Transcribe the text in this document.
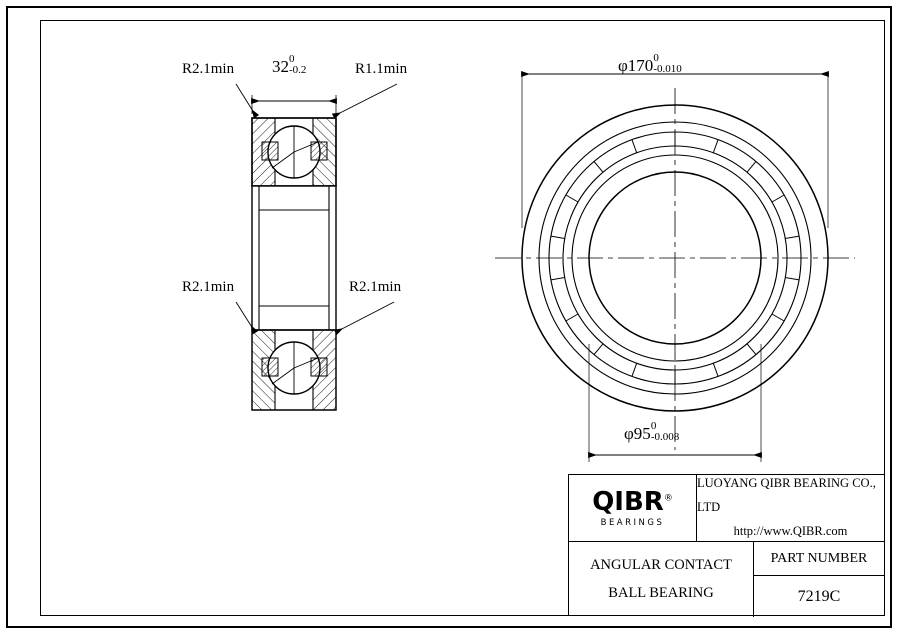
R2.1min	R1.1min
R2.1min	R2.1min
32 0
-0.2	φ170 0
-0.010
φ95 0
-0.008
QIBR®
BEARINGS
LUOYANG QIBR BEARING CO., LTD
http://www.QIBR.com
ANGULAR CONTACT
BALL BEARING
PART NUMBER
7219C
